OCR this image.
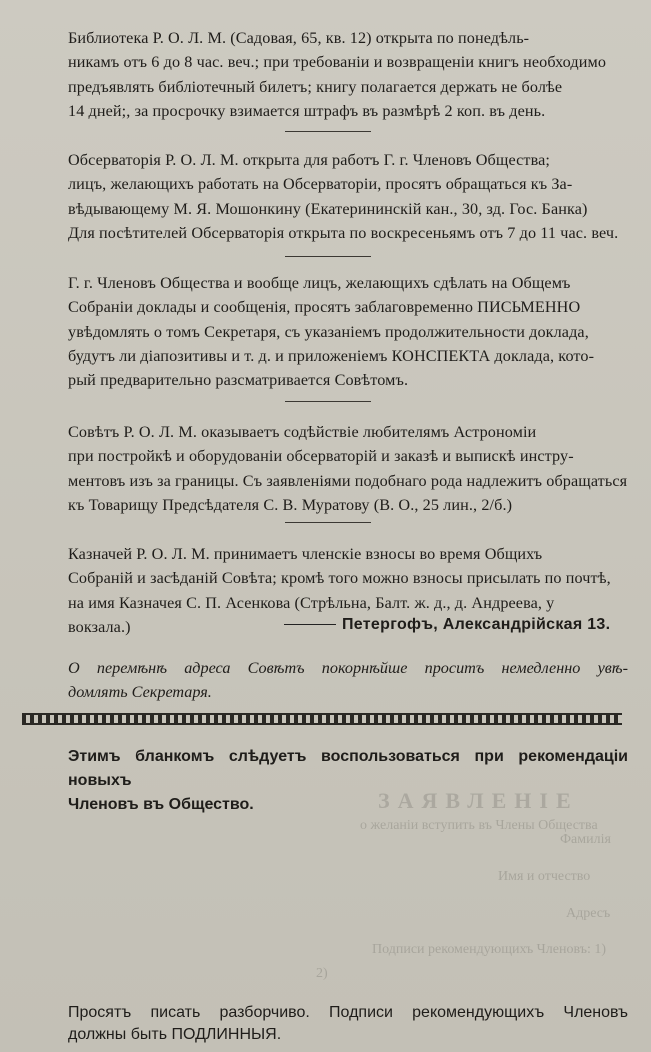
Библиотека Р. О. Л. М. (Садовая, 65, кв. 12) открыта по понедѣль-
никамъ отъ 6 до 8 час. веч.; при требованіи и возвращеніи книгъ необходимо
предъявлять библіотечный билетъ; книгу полагается держать не болѣе
14 дней;, за просрочку взимается штрафъ въ размѣрѣ 2 коп. въ день.
Обсерваторія Р. О. Л. М. открыта для работъ Г. г. Членовъ Общества;
лицъ, желающихъ работать на Обсерваторіи, просятъ обращаться къ За-
вѣдывающему М. Я. Мошонкину (Екатерининскій кан., 30, зд. Гос. Банка)
Для посѣтителей Обсерваторія открыта по воскресеньямъ отъ 7 до 11 час. веч.
Г. г. Членовъ Общества и вообще лицъ, желающихъ сдѣлать на Общемъ
Собраніи доклады и сообщенія, просятъ заблаговременно ПИСЬМЕННО
увѣдомлять о томъ Секретаря, съ указаніемъ продолжительности доклада,
будутъ ли діапозитивы и т. д. и приложеніемъ КОНСПЕКТА доклада, кото-
рый предварительно разсматривается Совѣтомъ.
Совѣтъ Р. О. Л. М. оказываетъ содѣйствіе любителямъ Астрономіи
при постройкѣ и оборудованіи обсерваторій и заказѣ и выпискѣ инстру-
ментовъ изъ за границы. Съ заявленіями подобнаго рода надлежитъ обращаться
къ Товарищу Предсѣдателя С. В. Муратову (В. О., 25 лин., 2/б.)
Казначей Р. О. Л. М. принимаетъ членскіе взносы во время Общихъ
Собраній и засѣданій Совѣта; кромѣ того можно взносы присылать по почтѣ,
на имя Казначея С. П. Асенкова (Стрѣльна, Балт. ж. д., д. Андреева, у
вокзала.)	Петергофъ, Александрійская 13.
О перемѣнѣ адреса Совѣтъ покорнѣйше проситъ немедленно увѣ-
домлять Секретаря.
Этимъ бланкомъ слѣдуетъ воспользоваться при рекомендаціи новыхъ
Членовъ въ Общество.	ЗАЯВЛЕНІЕ
о желаніи вступить въ Члены Общества
Фамилія
Имя и отчество
Адресъ
Подписи рекомендующихъ Членовъ: 1)
2)
Просятъ писать разборчиво. Подписи рекомендующихъ Членовъ
должны быть ПОДЛИННЫЯ.
